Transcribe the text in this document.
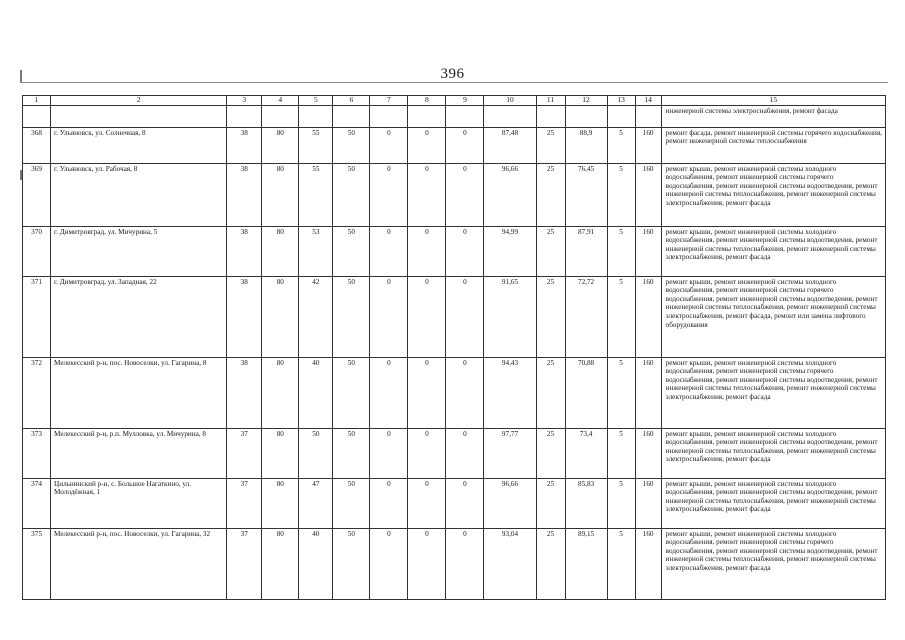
396
1	2	3	4	5	6	7	8	9	10	11	12	13	14	15
														инженерной системы электроснабжения, ремонт фасада
368	г. Ульяновск, ул. Солнечная, 8	38	80	55	50	0	0	0	87,48	25	88,9	5	160	ремонт фасада, ремонт инженерной системы горячего водоснабжения, ремонт инженерной системы теплоснабжения
369	г. Ульяновск, ул. Рабочая, 8	38	80	55	50	0	0	0	96,66	25	76,45	5	160	ремонт крыши, ремонт инженерной системы холодного водоснабжения, ремонт инженерной системы горячего водоснабжения, ремонт инженерной системы водоотведения, ремонт инженерной системы теплоснабжения, ремонт инженерной системы электроснабжения, ремонт фасада
370	г. Димитровград, ул. Мичурина, 5	38	80	53	50	0	0	0	94,99	25	87,91	5	160	ремонт крыши, ремонт инженерной системы холодного водоснабжения, ремонт инженерной системы водоотведения, ремонт инженерной системы теплоснабжения, ремонт инженерной системы электроснабжения, ремонт фасада
371	г. Димитровград, ул. Западная, 22	38	80	42	50	0	0	0	91,65	25	72,72	5	160	ремонт крыши, ремонт инженерной системы холодного водоснабжения, ремонт инженерной системы горячего водоснабжения, ремонт инженерной системы водоотведения, ремонт инженерной системы теплоснабжения, ремонт инженерной системы электроснабжения, ремонт фасада, ремонт или замена лифтового оборудования
372	Мелекесский р-н, пос. Новоселки, ул. Гагарина, 8	38	80	40	50	0	0	0	94,43	25	70,88	5	160	ремонт крыши, ремонт инженерной системы холодного водоснабжения, ремонт инженерной системы горячего водоснабжения, ремонт инженерной системы водоотведения, ремонт инженерной системы теплоснабжения, ремонт инженерной системы электроснабжения, ремонт фасада
373	Мелекесский р-н, р.п. Мулловка, ул. Мичурина, 8	37	80	50	50	0	0	0	97,77	25	73,4	5	160	ремонт крыши, ремонт инженерной системы холодного водоснабжения, ремонт инженерной системы водоотведения, ремонт инженерной системы теплоснабжения, ремонт инженерной системы электроснабжения, ремонт фасада
374	Цильнинский р-н, с. Большое Нагаткино, ул. Молодёжная, 1	37	80	47	50	0	0	0	96,66	25	85,83	5	160	ремонт крыши, ремонт инженерной системы холодного водоснабжения, ремонт инженерной системы водоотведения, ремонт инженерной системы теплоснабжения, ремонт инженерной системы электроснабжения, ремонт фасада
375	Мелекесский р-н, пос. Новоселки, ул. Гагарина, 32	37	80	40	50	0	0	0	93,04	25	89,15	5	160	ремонт крыши, ремонт инженерной системы холодного водоснабжения, ремонт инженерной системы горячего водоснабжения, ремонт инженерной системы водоотведения, ремонт инженерной системы теплоснабжения, ремонт инженерной системы электроснабжения, ремонт фасада
